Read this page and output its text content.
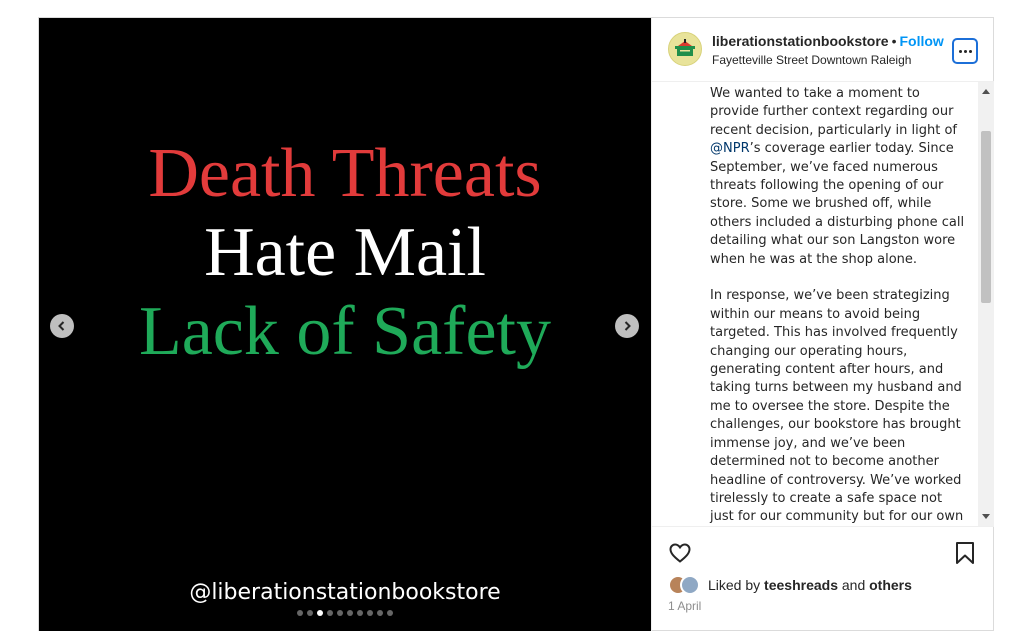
Death Threats
Hate Mail
Lack of Safety
@liberationstationbookstore
liberationstationbookstore • Follow
Fayetteville Street Downtown Raleigh

We wanted to take a moment to provide further context regarding our recent decision, particularly in light of @NPR’s coverage earlier today. Since September, we’ve faced numerous threats following the opening of our store. Some we brushed off, while others included a disturbing phone call detailing what our son Langston wore when he was at the shop alone.

In response, we’ve been strategizing within our means to avoid being targeted. This has involved frequently changing our operating hours, generating content after hours, and taking turns between my husband and me to oversee the store. Despite the challenges, our bookstore has brought immense joy, and we’ve been determined not to become another headline of controversy. We’ve worked tirelessly to create a safe space not just for our community but for our own

Liked by teeshreads and others
1 April
